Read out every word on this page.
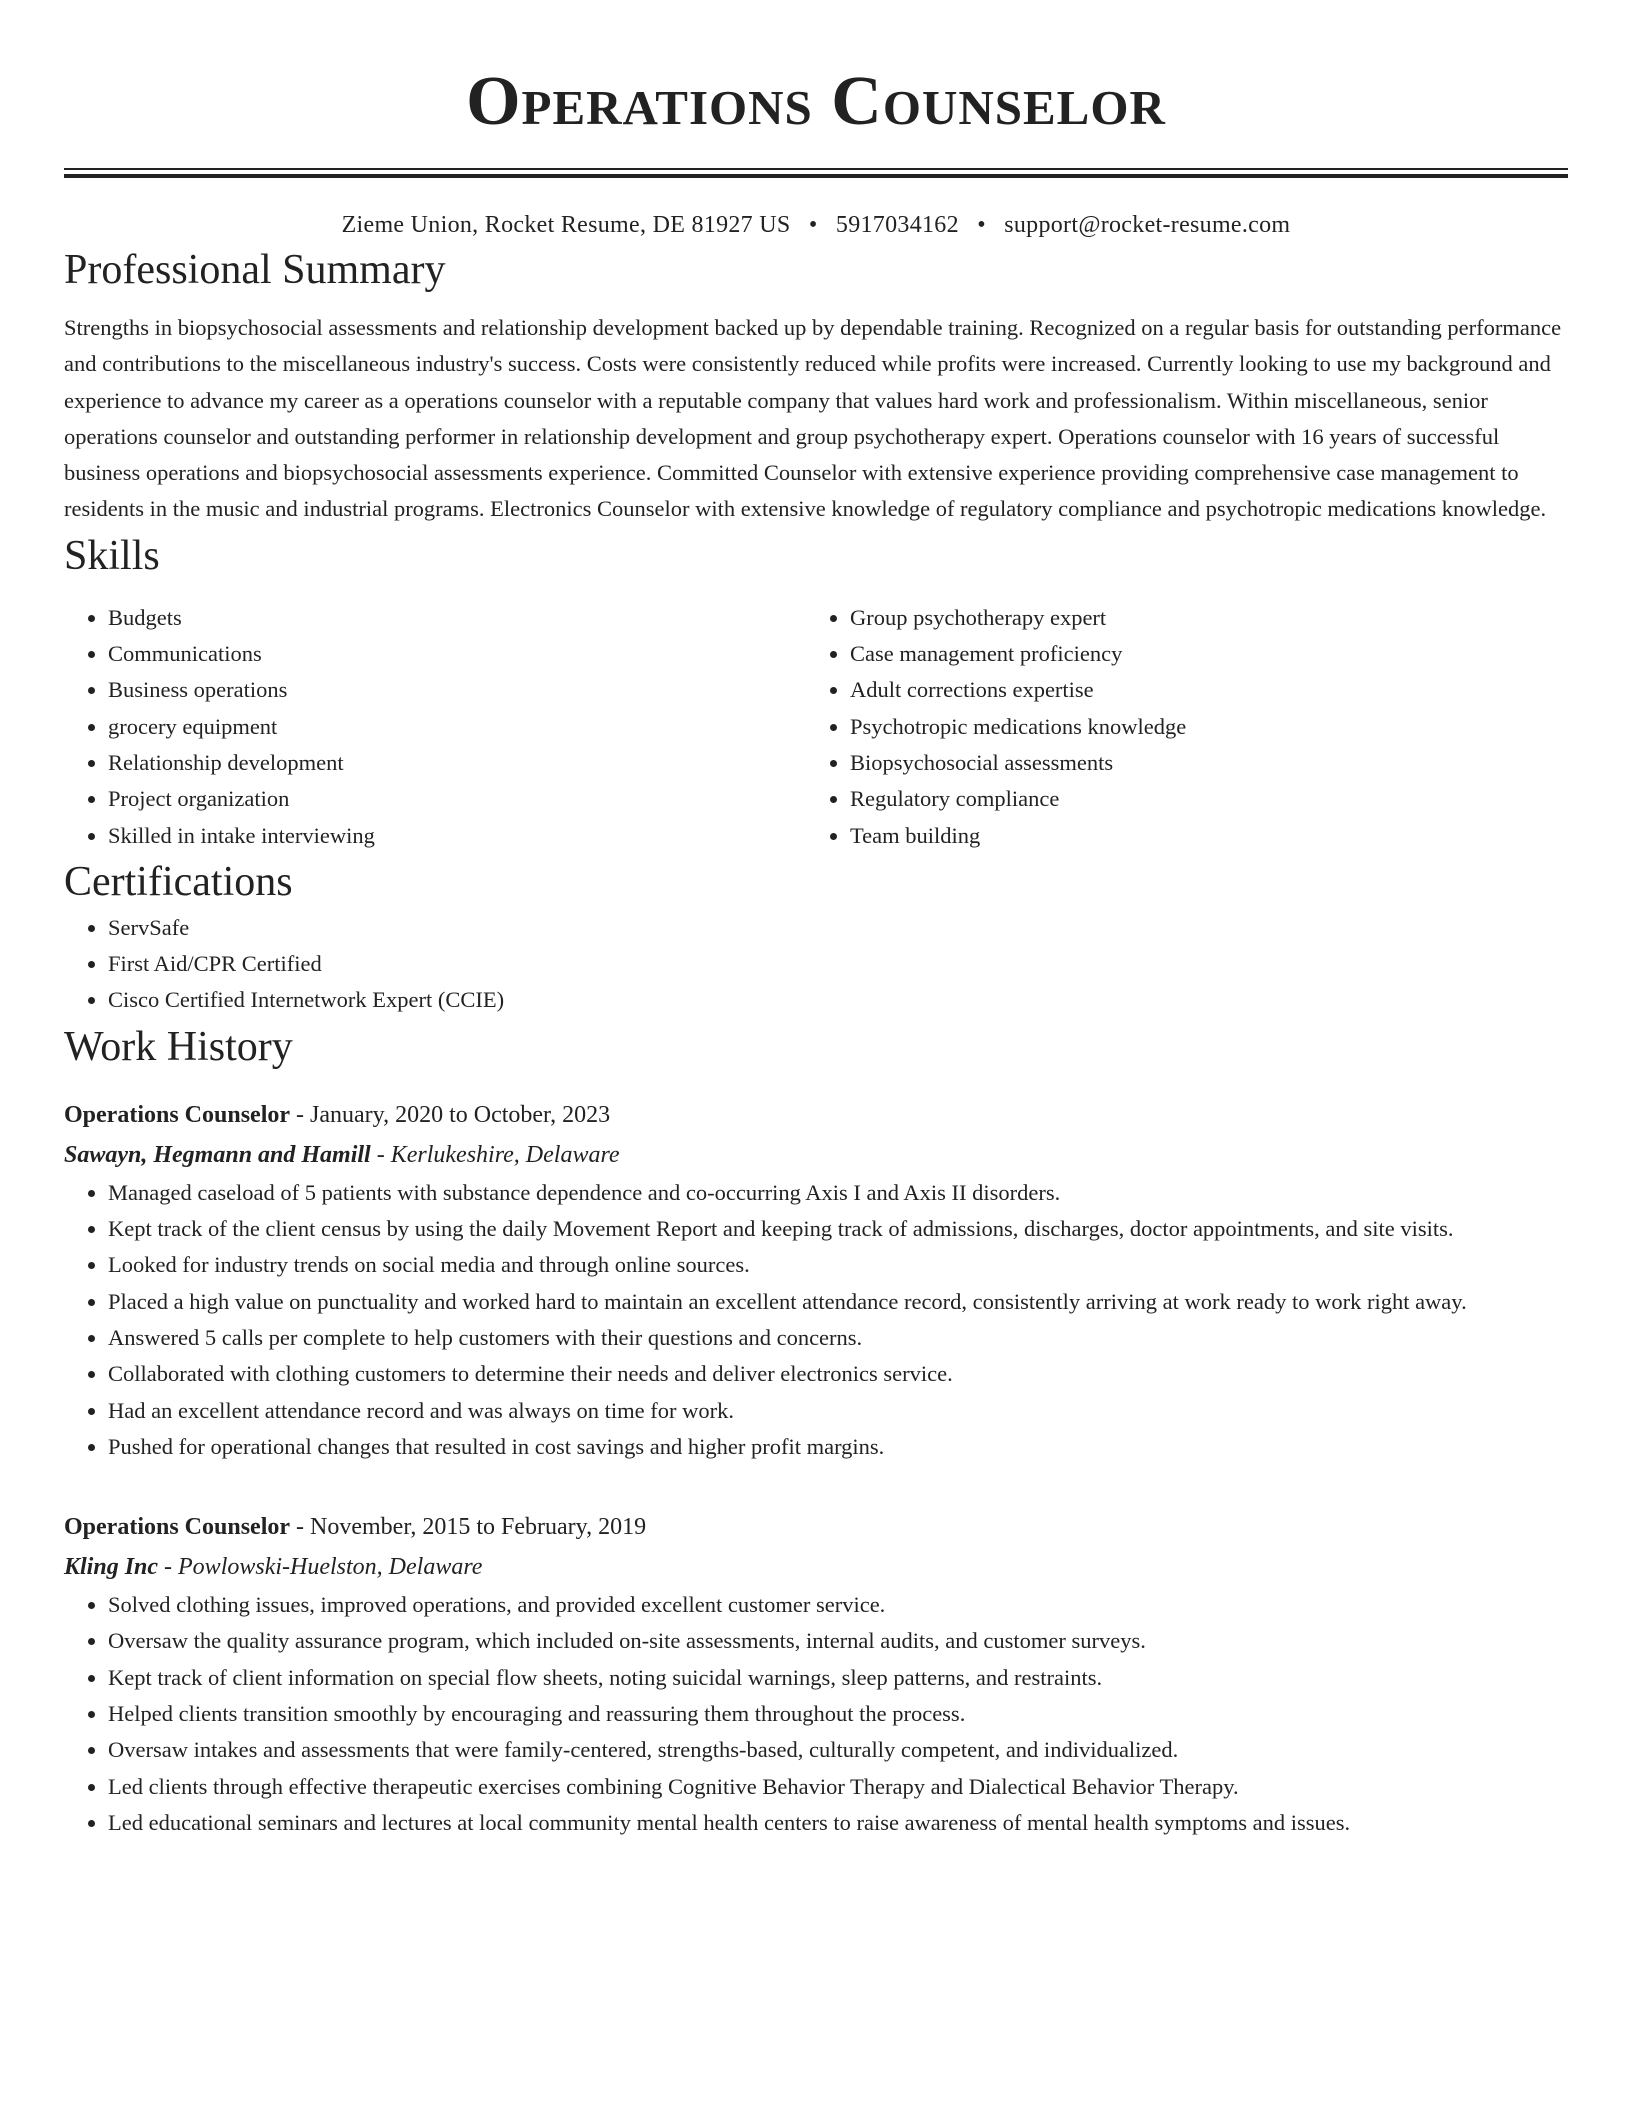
Operations Counselor
Zieme Union, Rocket Resume, DE 81927 US • 5917034162 • support@rocket-resume.com
Professional Summary

Strengths in biopsychosocial assessments and relationship development backed up by dependable training. Recognized on a regular basis for outstanding performance and contributions to the miscellaneous industry's success. Costs were consistently reduced while profits were increased. Currently looking to use my background and experience to advance my career as a operations counselor with a reputable company that values hard work and professionalism. Within miscellaneous, senior operations counselor and outstanding performer in relationship development and group psychotherapy expert. Operations counselor with 16 years of successful business operations and biopsychosocial assessments experience. Committed Counselor with extensive experience providing comprehensive case management to residents in the music and industrial programs. Electronics Counselor with extensive knowledge of regulatory compliance and psychotropic medications knowledge.

Skills
• Budgets
• Communications
• Business operations
• grocery equipment
• Relationship development
• Project organization
• Skilled in intake interviewing
• Group psychotherapy expert
• Case management proficiency
• Adult corrections expertise
• Psychotropic medications knowledge
• Biopsychosocial assessments
• Regulatory compliance
• Team building
Certifications
• ServSafe
• First Aid/CPR Certified
• Cisco Certified Internetwork Expert (CCIE)
Work History
Operations Counselor - January, 2020 to October, 2023
Sawayn, Hegmann and Hamill - Kerlukeshire, Delaware
• Managed caseload of 5 patients with substance dependence and co-occurring Axis I and Axis II disorders.
• Kept track of the client census by using the daily Movement Report and keeping track of admissions, discharges, doctor appointments, and site visits.
• Looked for industry trends on social media and through online sources.
• Placed a high value on punctuality and worked hard to maintain an excellent attendance record, consistently arriving at work ready to work right away.
• Answered 5 calls per complete to help customers with their questions and concerns.
• Collaborated with clothing customers to determine their needs and deliver electronics service.
• Had an excellent attendance record and was always on time for work.
• Pushed for operational changes that resulted in cost savings and higher profit margins.
Operations Counselor - November, 2015 to February, 2019
Kling Inc - Powlowski-Huelston, Delaware
• Solved clothing issues, improved operations, and provided excellent customer service.
• Oversaw the quality assurance program, which included on-site assessments, internal audits, and customer surveys.
• Kept track of client information on special flow sheets, noting suicidal warnings, sleep patterns, and restraints.
• Helped clients transition smoothly by encouraging and reassuring them throughout the process.
• Oversaw intakes and assessments that were family-centered, strengths-based, culturally competent, and individualized.
• Led clients through effective therapeutic exercises combining Cognitive Behavior Therapy and Dialectical Behavior Therapy.
• Led educational seminars and lectures at local community mental health centers to raise awareness of mental health symptoms and issues.
